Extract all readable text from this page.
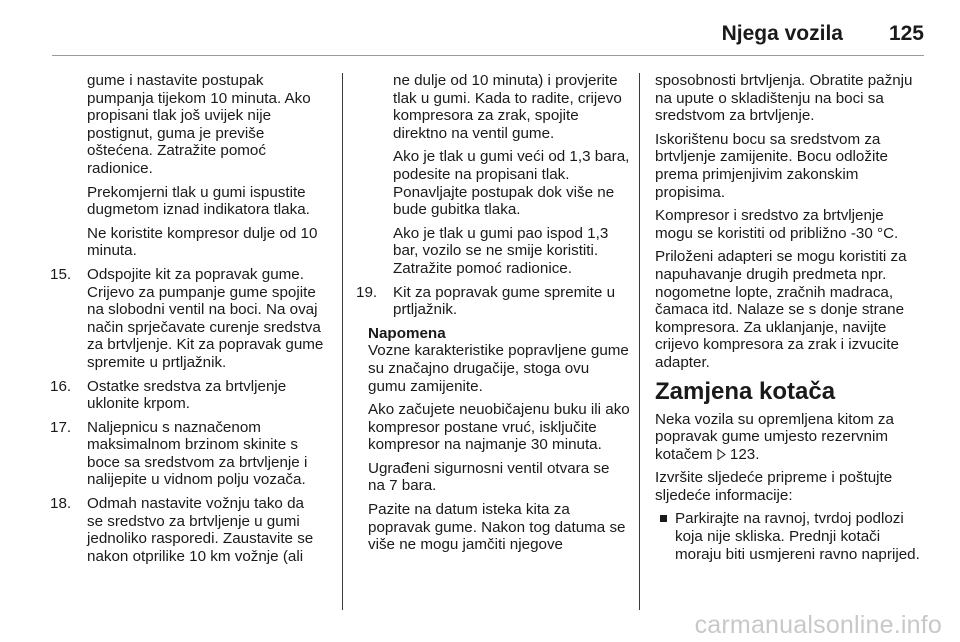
Njega vozila 125

gume i nastavite postupak pumpanja tijekom 10 minuta. Ako propisani tlak još uvijek nije postignut, guma je previše oštećena. Zatražite pomoć radionice.

Prekomjerni tlak u gumi ispustite dugmetom iznad indikatora tlaka.

Ne koristite kompresor dulje od 10 minuta.

15. Odspojite kit za popravak gume. Crijevo za pumpanje gume spojite na slobodni ventil na boci. Na ovaj način sprječavate curenje sredstva za brtvljenje. Kit za popravak gume spremite u prtljažnik.
16. Ostatke sredstva za brtvljenje uklonite krpom.
17. Naljepnicu s naznačenom maksimalnom brzinom skinite s boce sa sredstvom za brtvljenje i nalijepite u vidnom polju vozača.
18. Odmah nastavite vožnju tako da se sredstvo za brtvljenje u gumi jednoliko rasporedi. Zaustavite se nakon otprilike 10 km vožnje (ali

ne dulje od 10 minuta) i provjerite tlak u gumi. Kada to radite, crijevo kompresora za zrak, spojite direktno na ventil gume.

Ako je tlak u gumi veći od 1,3 bara, podesite na propisani tlak. Ponavljajte postupak dok više ne bude gubitka tlaka.

Ako je tlak u gumi pao ispod 1,3 bar, vozilo se ne smije koristiti. Zatražite pomoć radionice.

19. Kit za popravak gume spremite u prtljažnik.

Napomena

Vozne karakteristike popravljene gume su značajno drugačije, stoga ovu gumu zamijenite.

Ako začujete neuobičajenu buku ili ako kompresor postane vruć, isključite kompresor na najmanje 30 minuta.

Ugrađeni sigurnosni ventil otvara se na 7 bara.

Pazite na datum isteka kita za popravak gume. Nakon tog datuma se više ne mogu jamčiti njegove

sposobnosti brtvljenja. Obratite pažnju na upute o skladištenju na boci sa sredstvom za brtvljenje.

Iskorištenu bocu sa sredstvom za brtvljenje zamijenite. Bocu odložite prema primjenjivim zakonskim propisima.

Kompresor i sredstvo za brtvljenje mogu se koristiti od približno -30 °C.

Priloženi adapteri se mogu koristiti za napuhavanje drugih predmeta npr. nogometne lopte, zračnih madraca, čamaca itd. Nalaze se s donje strane kompresora. Za uklanjanje, navijte crijevo kompresora za zrak i izvucite adapter.

Zamjena kotača

Neka vozila su opremljena kitom za popravak gume umjesto rezervnim kotačem 123.

Izvršite sljedeće pripreme i poštujte sljedeće informacije:

Parkirajte na ravnoj, tvrdoj podlozi koja nije skliska. Prednji kotači moraju biti usmjereni ravno naprijed.
carmanualsonline.info
